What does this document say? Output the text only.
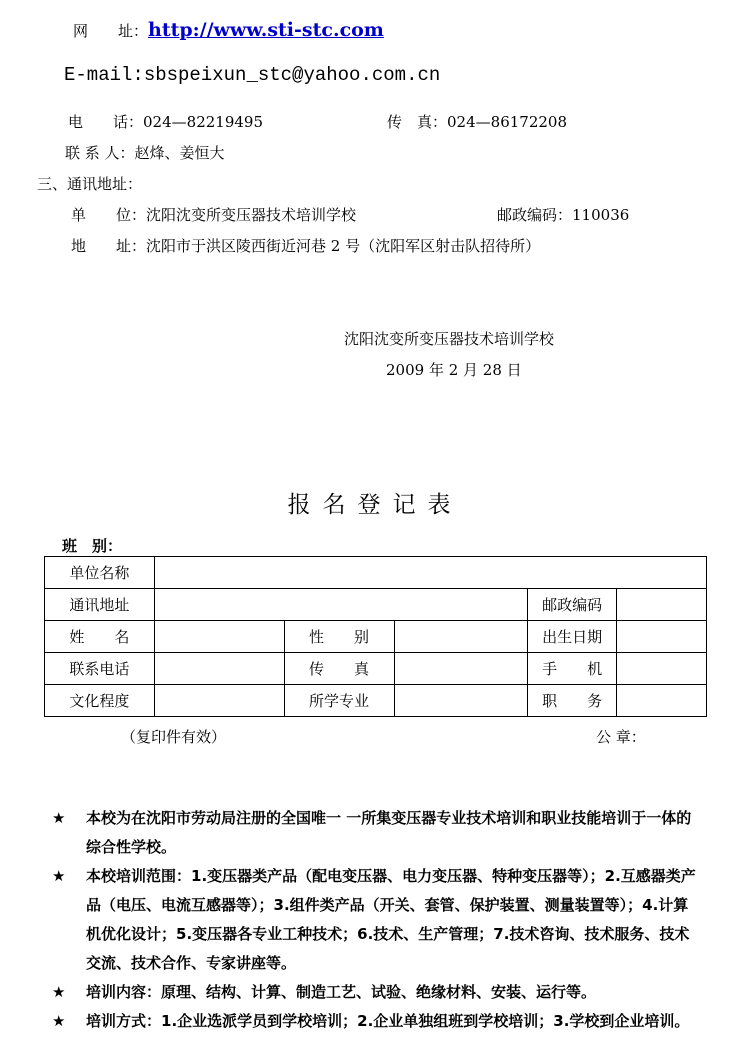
网　　址：http://www.sti-stc.com
E-mail:sbspeixun_stc@yahoo.com.cn
电　　话：024—82219495	传　真：024—86172208
联 系 人：赵烽、姜恒大
三、通讯地址：
单　　位：沈阳沈变所变压器技术培训学校	邮政编码：110036
地　　址：沈阳市于洪区陵西街近河巷 2 号（沈阳军区射击队招待所）
沈阳沈变所变压器技术培训学校
2009 年 2 月 28 日
报名登记表
班　别：
单位名称					
通讯地址				邮政编码	
姓　　名		性　　别		出生日期	
联系电话		传　　真		手　　机	
文化程度		所学专业		职　　务	
（复印件有效）	公 章：
★	本校为在沈阳市劳动局注册的全国唯一 一所集变压器专业技术培训和职业技能培训于一体的综合性学校。
★	本校培训范围：1.变压器类产品（配电变压器、电力变压器、特种变压器等）；2.互感器类产品（电压、电流互感器等）；3.组件类产品（开关、套管、保护装置、测量装置等）；4.计算机优化设计；5.变压器各专业工种技术；6.技术、生产管理；7.技术咨询、技术服务、技术交流、技术合作、专家讲座等。
★	培训内容：原理、结构、计算、制造工艺、试验、绝缘材料、安装、运行等。
★	培训方式：1.企业选派学员到学校培训；2.企业单独组班到学校培训；3.学校到企业培训。
